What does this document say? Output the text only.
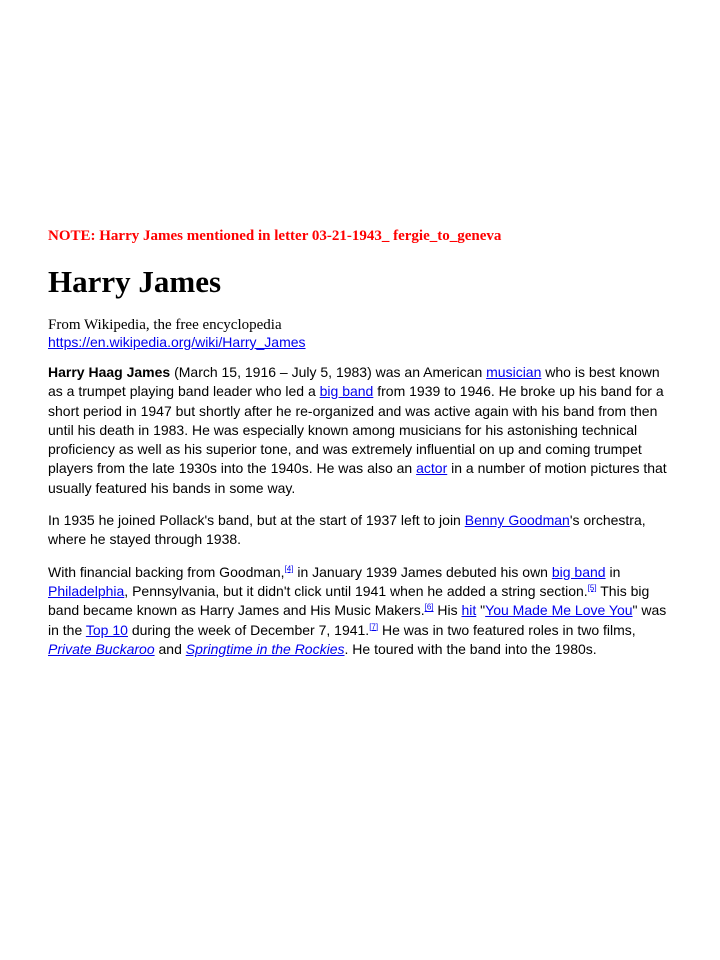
NOTE: Harry James mentioned in letter 03-21-1943_ fergie_to_geneva

Harry James
From Wikipedia, the free encyclopedia
https://en.wikipedia.org/wiki/Harry_James

Harry Haag James (March 15, 1916 – July 5, 1983) was an American musician who is best known as a trumpet playing band leader who led a big band from 1939 to 1946. He broke up his band for a short period in 1947 but shortly after he re-organized and was active again with his band from then until his death in 1983. He was especially known among musicians for his astonishing technical proficiency as well as his superior tone, and was extremely influential on up and coming trumpet players from the late 1930s into the 1940s. He was also an actor in a number of motion pictures that usually featured his bands in some way.

In 1935 he joined Pollack's band, but at the start of 1937 left to join Benny Goodman's orchestra, where he stayed through 1938.

With financial backing from Goodman,[4] in January 1939 James debuted his own big band in Philadelphia, Pennsylvania, but it didn't click until 1941 when he added a string section.[5] This big band became known as Harry James and His Music Makers.[6] His hit "You Made Me Love You" was in the Top 10 during the week of December 7, 1941.[7] He was in two featured roles in two films, Private Buckaroo and Springtime in the Rockies. He toured with the band into the 1980s.
